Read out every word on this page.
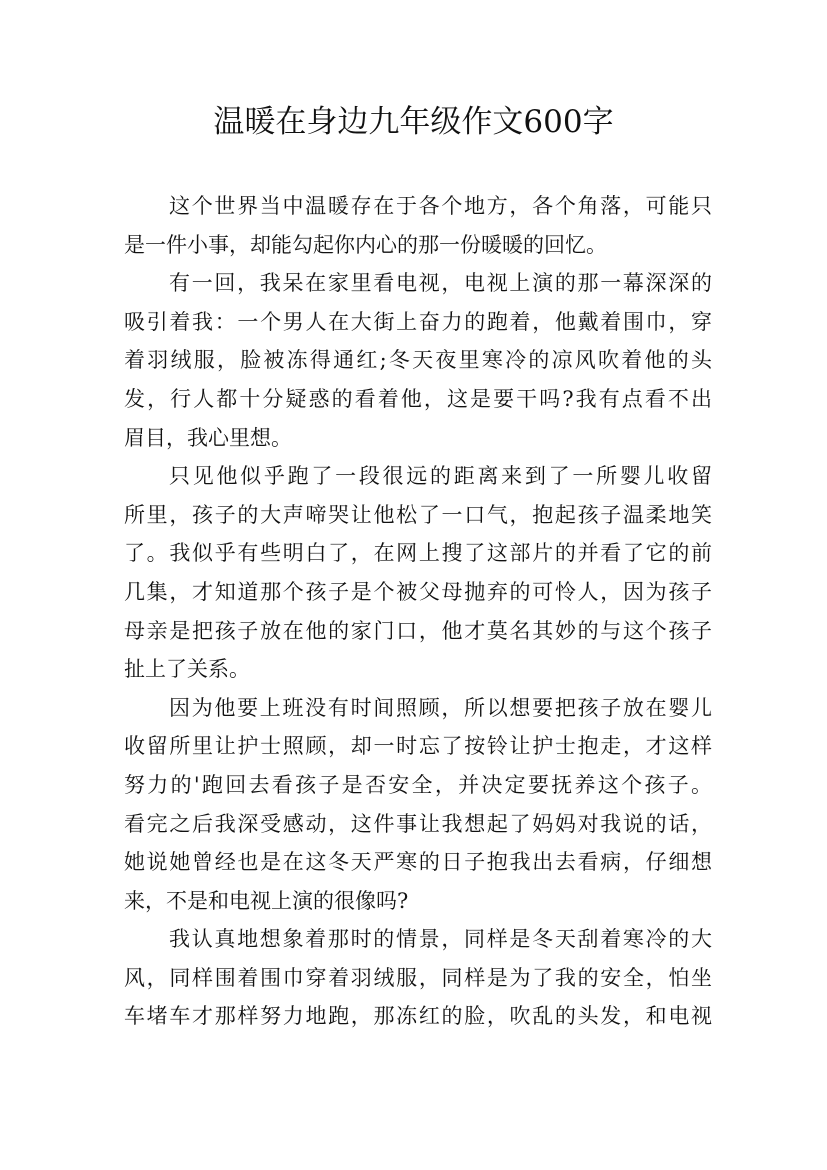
温暖在身边九年级作文600字
这个世界当中温暖存在于各个地方，各个角落，可能只
是一件小事，却能勾起你内心的那一份暖暖的回忆。
有一回，我呆在家里看电视，电视上演的那一幕深深的
吸引着我：一个男人在大街上奋力的跑着，他戴着围巾，穿
着羽绒服，脸被冻得通红;冬天夜里寒冷的凉风吹着他的头
发，行人都十分疑惑的看着他，这是要干吗?我有点看不出
眉目，我心里想。
只见他似乎跑了一段很远的距离来到了一所婴儿收留
所里，孩子的大声啼哭让他松了一口气，抱起孩子温柔地笑
了。我似乎有些明白了，在网上搜了这部片的并看了它的前
几集，才知道那个孩子是个被父母抛弃的可怜人，因为孩子
母亲是把孩子放在他的家门口，他才莫名其妙的与这个孩子
扯上了关系。
因为他要上班没有时间照顾，所以想要把孩子放在婴儿
收留所里让护士照顾，却一时忘了按铃让护士抱走，才这样
努力的'跑回去看孩子是否安全，并决定要抚养这个孩子。
看完之后我深受感动，这件事让我想起了妈妈对我说的话，
她说她曾经也是在这冬天严寒的日子抱我出去看病，仔细想
来，不是和电视上演的很像吗?
我认真地想象着那时的情景，同样是冬天刮着寒冷的大
风，同样围着围巾穿着羽绒服，同样是为了我的安全，怕坐
车堵车才那样努力地跑，那冻红的脸，吹乱的头发，和电视
